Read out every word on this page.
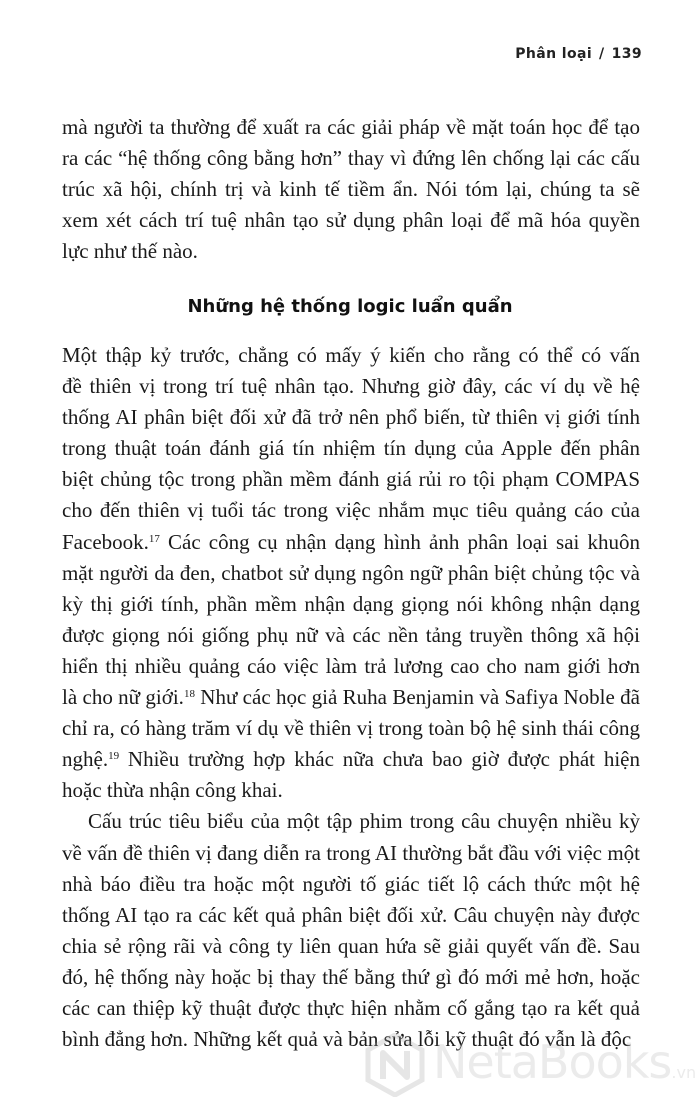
Phân loại / 139
mà người ta thường để xuất ra các giải pháp về mặt toán học để tạo
ra các “hệ thống công bằng hơn” thay vì đứng lên chống lại các cấu
trúc xã hội, chính trị và kinh tế tiềm ẩn. Nói tóm lại, chúng ta sẽ
xem xét cách trí tuệ nhân tạo sử dụng phân loại để mã hóa quyền
lực như thế nào.
Những hệ thống logic luẩn quẩn
Một thập kỷ trước, chẳng có mấy ý kiến cho rằng có thể có vấn
đề thiên vị trong trí tuệ nhân tạo. Nhưng giờ đây, các ví dụ về hệ
thống AI phân biệt đối xử đã trở nên phổ biến, từ thiên vị giới tính
trong thuật toán đánh giá tín nhiệm tín dụng của Apple đến phân
biệt chủng tộc trong phần mềm đánh giá rủi ro tội phạm COMPAS
cho đến thiên vị tuổi tác trong việc nhắm mục tiêu quảng cáo của
Facebook.$^{17}$ Các công cụ nhận dạng hình ảnh phân loại sai khuôn
mặt người da đen, chatbot sử dụng ngôn ngữ phân biệt chủng tộc và
kỳ thị giới tính, phần mềm nhận dạng giọng nói không nhận dạng
được giọng nói giống phụ nữ và các nền tảng truyền thông xã hội
hiển thị nhiều quảng cáo việc làm trả lương cao cho nam giới hơn
là cho nữ giới.$^{18}$ Như các học giả Ruha Benjamin và Safiya Noble đã
chỉ ra, có hàng trăm ví dụ về thiên vị trong toàn bộ hệ sinh thái công
nghệ.$^{19}$ Nhiều trường hợp khác nữa chưa bao giờ được phát hiện
hoặc thừa nhận công khai.
Cấu trúc tiêu biểu của một tập phim trong câu chuyện nhiều kỳ
về vấn đề thiên vị đang diễn ra trong AI thường bắt đầu với việc một
nhà báo điều tra hoặc một người tố giác tiết lộ cách thức một hệ
thống AI tạo ra các kết quả phân biệt đối xử. Câu chuyện này được
chia sẻ rộng rãi và công ty liên quan hứa sẽ giải quyết vấn đề. Sau
đó, hệ thống này hoặc bị thay thế bằng thứ gì đó mới mẻ hơn, hoặc
các can thiệp kỹ thuật được thực hiện nhằm cố gắng tạo ra kết quả
bình đẳng hơn. Những kết quả và bản sửa lỗi kỹ thuật đó vẫn là độc
NetaBooks.vn
